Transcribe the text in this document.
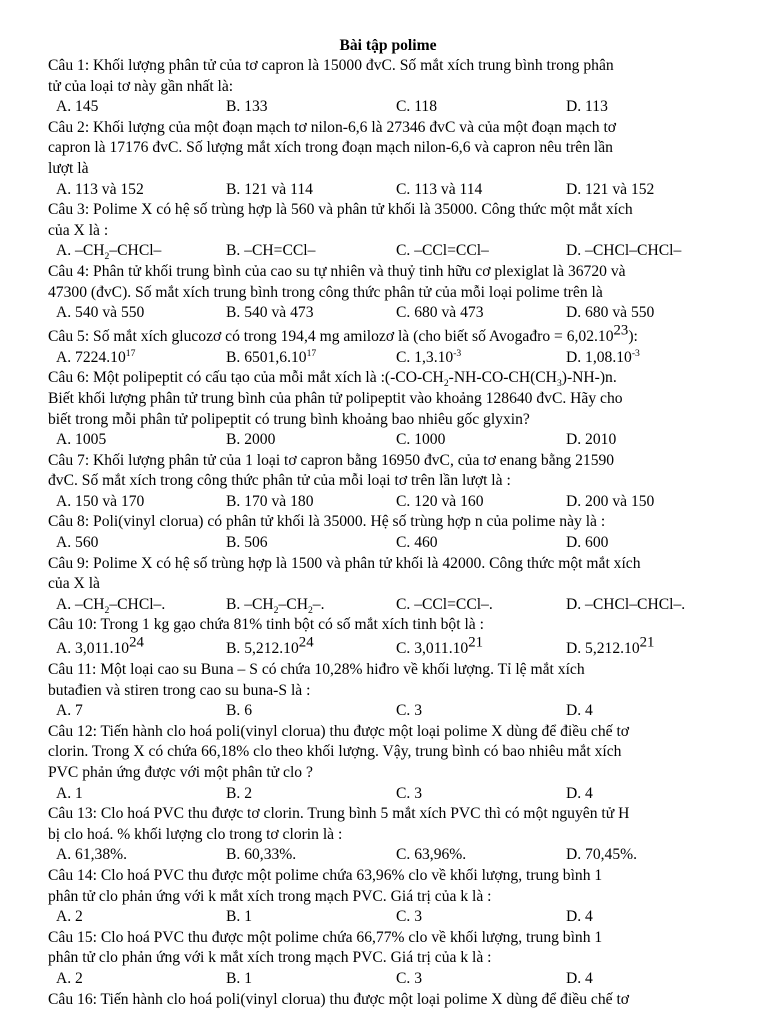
Bài tập polime
Câu 1: Khối lượng phân tử của tơ capron là 15000 đvC. Số mắt xích trung bình trong phân
tử của loại tơ này gần nhất là:
A. 145	B. 133	C. 118	D. 113
Câu 2: Khối lượng của một đoạn mạch tơ nilon-6,6 là 27346 đvC và của một đoạn mạch tơ
capron là 17176 đvC. Số lượng mắt xích trong đoạn mạch nilon-6,6 và capron nêu trên lần
lượt là
A. 113 và 152	B. 121 và 114	C. 113 và 114	D. 121 và 152
Câu 3: Polime X có hệ số trùng hợp là 560 và phân tử khối là 35000. Công thức một mắt xích
của X là :
A. $-CH_2-CHCl-$	B. –CH=CCl–	C. –CCl=CCl–	D. –CHCl–CHCl–
Câu 4: Phân tử khối trung bình của cao su tự nhiên và thuỷ tinh hữu cơ plexiglat là 36720 và
47300 (đvC). Số mắt xích trung bình trong công thức phân tử của mỗi loại polime trên là
A. 540 và 550	B. 540 và 473	C. 680 và 473	D. 680 và 550
Câu 5: Số mắt xích glucozơ có trong 194,4 mg amilozơ là (cho biết số Avogađro = 6,02.1023):
A. 7224.10$^{17}$	B. 6501,6.10$^{17}$	C. $1,3.10^{-3}$	D. $1,08.10^{-3}$
Câu 6: Một polipeptit có cấu tạo của mỗi mắt xích là $:(-CO-CH_2-NH-CO-CH(CH_3)-NH-)n$.
Biết khối lượng phân tử trung bình của phân tử polipeptit vào khoảng 128640 đvC. Hãy cho
biết trong mỗi phân tử polipeptit có trung bình khoảng bao nhiêu gốc glyxin?
A. 1005	B. 2000	C. 1000	D. 2010
Câu 7: Khối lượng phân tử của 1 loại tơ capron bằng 16950 đvC, của tơ enang bằng 21590
đvC. Số mắt xích trong công thức phân tử của mỗi loại tơ trên lần lượt là :
A. 150 và 170	B. 170 và 180	C. 120 và 160	D. 200 và 150
Câu 8: Poli(vinyl clorua) có phân tử khối là 35000. Hệ số trùng hợp n của polime này là :
A. 560	B. 506	C. 460	D. 600
Câu 9: Polime X có hệ số trùng hợp là 1500 và phân tử khối là 42000. Công thức một mắt xích
của X là
A. $-CH_2-CHCl-$.	B. $-CH_2-CH_2-$.	C. –CCl=CCl–.	D. –CHCl–CHCl–.
Câu 10: Trong 1 kg gạo chứa 81% tinh bột có số mắt xích tinh bột là :
A. 3,011.1024	B. 5,212.1024	C. 3,011.1021	D. 5,212.1021
Câu 11: Một loại cao su Buna – S có chứa 10,28% hiđro về khối lượng. Tỉ lệ mắt xích
butađien và stiren trong cao su buna-S là :
A. 7	B. 6	C. 3	D. 4
Câu 12: Tiến hành clo hoá poli(vinyl clorua) thu được một loại polime X dùng để điều chế tơ
clorin. Trong X có chứa 66,18% clo theo khối lượng. Vậy, trung bình có bao nhiêu mắt xích
PVC phản ứng được với một phân tử clo ?
A. 1	B. 2	C. 3	D. 4
Câu 13: Clo hoá PVC thu được tơ clorin. Trung bình 5 mắt xích PVC thì có một nguyên tử H
bị clo hoá. % khối lượng clo trong tơ clorin là :
A. 61,38%.	B. 60,33%.	C. 63,96%.	D. 70,45%.
Câu 14: Clo hoá PVC thu được một polime chứa 63,96% clo về khối lượng, trung bình 1
phân tử clo phản ứng với k mắt xích trong mạch PVC. Giá trị của k là :
A. 2	B. 1	C. 3	D. 4
Câu 15: Clo hoá PVC thu được một polime chứa 66,77% clo về khối lượng, trung bình 1
phân tử clo phản ứng với k mắt xích trong mạch PVC. Giá trị của k là :
A. 2	B. 1	C. 3	D. 4
Câu 16: Tiến hành clo hoá poli(vinyl clorua) thu được một loại polime X dùng để điều chế tơ
